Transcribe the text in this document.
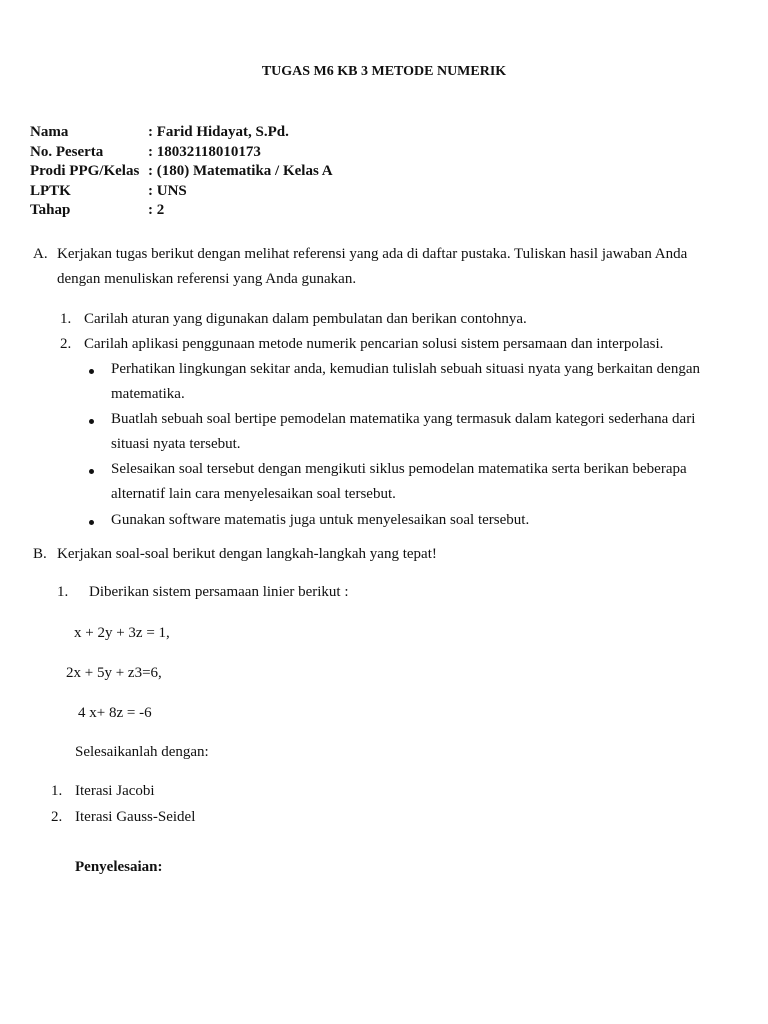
TUGAS M6 KB 3 METODE NUMERIK
Nama	: Farid Hidayat, S.Pd.
No. Peserta	: 18032118010173
Prodi PPG/Kelas : (180) Matematika / Kelas A
LPTK	: UNS
Tahap	: 2
A. Kerjakan tugas berikut dengan melihat referensi yang ada di daftar pustaka. Tuliskan hasil jawaban Anda
dengan menuliskan referensi yang Anda gunakan.
1. Carilah aturan yang digunakan dalam pembulatan dan berikan contohnya.
2. Carilah aplikasi penggunaan metode numerik pencarian solusi sistem persamaan dan interpolasi.
Perhatikan lingkungan sekitar anda, kemudian tulislah sebuah situasi nyata yang berkaitan dengan
matematika.
Buatlah sebuah soal bertipe pemodelan matematika yang termasuk dalam kategori sederhana dari
situasi nyata tersebut.
Selesaikan soal tersebut dengan mengikuti siklus pemodelan matematika serta berikan beberapa
alternatif lain cara menyelesaikan soal tersebut.
Gunakan software matematis juga untuk menyelesaikan soal tersebut.
B. Kerjakan soal-soal berikut dengan langkah-langkah yang tepat!
1. Diberikan sistem persamaan linier berikut :
x + 2y + 3z = 1,
2x + 5y + z3=6,
4 x+ 8z = -6
Selesaikanlah dengan:
1. Iterasi Jacobi
2. Iterasi Gauss-Seidel
Penyelesaian:
